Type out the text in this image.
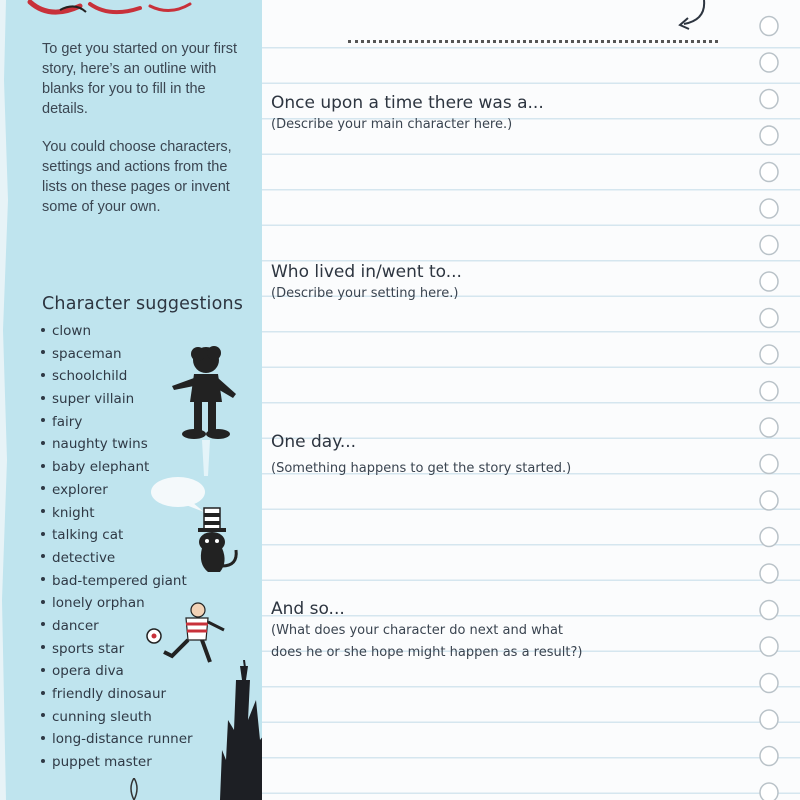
To get you started on your first story, here’s an outline with blanks for you to fill in the details.

You could choose characters, settings and actions from the lists on these pages or invent some of your own.

Character suggestions
clown
spaceman
schoolchild
super villain
fairy
naughty twins
baby elephant
explorer
knight
talking cat
detective
bad-tempered giant
lonely orphan
dancer
sports star
opera diva
friendly dinosaur
cunning sleuth
long-distance runner
puppet master
Once upon a time there was a...
(Describe your main character here.)
Who lived in/went to...
(Describe your setting here.)
One day...
(Something happens to get the story started.)
And so...
(What does your character do next and what
does he or she hope might happen as a result?)
